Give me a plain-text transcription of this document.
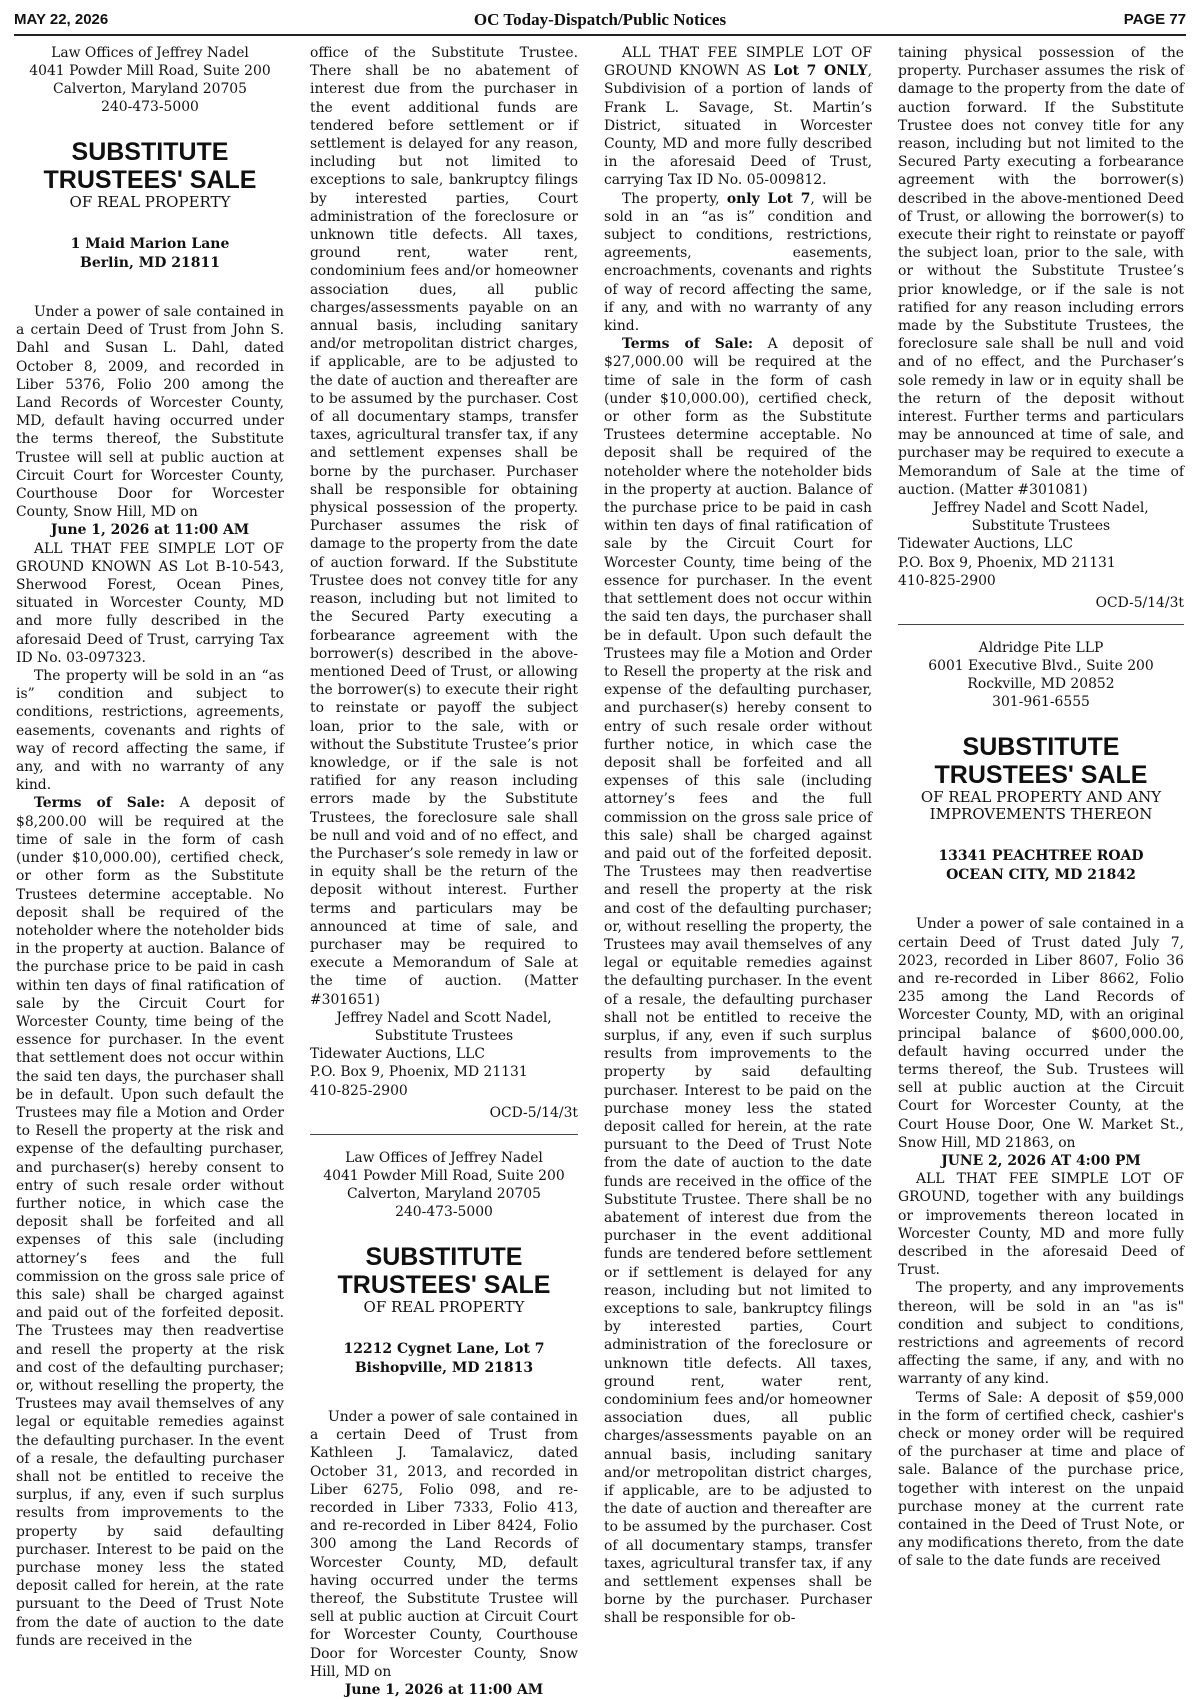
MAY 22, 2026	OC Today-Dispatch/Public Notices	PAGE 77
Law Offices of Jeffrey Nadel
4041 Powder Mill Road, Suite 200
Calverton, Maryland 20705
240-473-5000
SUBSTITUTE TRUSTEES' SALE
OF REAL PROPERTY
1 Maid Marion Lane
Berlin, MD 21811

Under a power of sale contained in a certain Deed of Trust from John S. Dahl and Susan L. Dahl, dated October 8, 2009, and recorded in Liber 5376, Folio 200 among the Land Records of Worcester County, MD, default having occurred under the terms thereof, the Substitute Trustee will sell at public auction at Circuit Court for Worcester County, Courthouse Door for Worcester County, Snow Hill, MD on

June 1, 2026 at 11:00 AM

ALL THAT FEE SIMPLE LOT OF GROUND KNOWN AS Lot B-10-543, Sherwood Forest, Ocean Pines, situated in Worcester County, MD and more fully described in the aforesaid Deed of Trust, carrying Tax ID No. 03-097323.

The property will be sold in an “as is” condition and subject to conditions, restrictions, agreements, easements, covenants and rights of way of record affecting the same, if any, and with no warranty of any kind.

Terms of Sale: A deposit of $8,200.00 will be required at the time of sale in the form of cash (under $10,000.00), certified check, or other form as the Substitute Trustees determine acceptable. No deposit shall be required of the noteholder where the noteholder bids in the property at auction. Balance of the purchase price to be paid in cash within ten days of final ratification of sale by the Circuit Court for Worcester County, time being of the essence for purchaser. In the event that settlement does not occur within the said ten days, the purchaser shall be in default. Upon such default the Trustees may file a Motion and Order to Resell the property at the risk and expense of the defaulting purchaser, and purchaser(s) hereby consent to entry of such resale order without further notice, in which case the deposit shall be forfeited and all expenses of this sale (including attorney’s fees and the full commission on the gross sale price of this sale) shall be charged against and paid out of the forfeited deposit. The Trustees may then readvertise and resell the property at the risk and cost of the defaulting purchaser; or, without reselling the property, the Trustees may avail themselves of any legal or equitable remedies against the defaulting purchaser. In the event of a resale, the defaulting purchaser shall not be entitled to receive the surplus, if any, even if such surplus results from improvements to the property by said defaulting purchaser. Interest to be paid on the purchase money less the stated deposit called for herein, at the rate pursuant to the Deed of Trust Note from the date of auction to the date funds are received in the

office of the Substitute Trustee. There shall be no abatement of interest due from the purchaser in the event additional funds are tendered before settlement or if settlement is delayed for any reason, including but not limited to exceptions to sale, bankruptcy filings by interested parties, Court administration of the foreclosure or unknown title defects. All taxes, ground rent, water rent, condominium fees and/or homeowner association dues, all public charges/assessments payable on an annual basis, including sanitary and/or metropolitan district charges, if applicable, are to be adjusted to the date of auction and thereafter are to be assumed by the purchaser. Cost of all documentary stamps, transfer taxes, agricultural transfer tax, if any and settlement expenses shall be borne by the purchaser. Purchaser shall be responsible for obtaining physical possession of the property. Purchaser assumes the risk of damage to the property from the date of auction forward. If the Substitute Trustee does not convey title for any reason, including but not limited to the Secured Party executing a forbearance agreement with the borrower(s) described in the above-mentioned Deed of Trust, or allowing the borrower(s) to execute their right to reinstate or payoff the subject loan, prior to the sale, with or without the Substitute Trustee’s prior knowledge, or if the sale is not ratified for any reason including errors made by the Substitute Trustees, the foreclosure sale shall be null and void and of no effect, and the Purchaser’s sole remedy in law or in equity shall be the return of the deposit without interest. Further terms and particulars may be announced at time of sale, and purchaser may be required to execute a Memorandum of Sale at the time of auction. (Matter #301651)

Jeffrey Nadel and Scott Nadel,

Substitute Trustees

Tidewater Auctions, LLC

P.O. Box 9, Phoenix, MD 21131

410-825-2900

OCD-5/14/3t
Law Offices of Jeffrey Nadel
4041 Powder Mill Road, Suite 200
Calverton, Maryland 20705
240-473-5000
SUBSTITUTE TRUSTEES' SALE
OF REAL PROPERTY
12212 Cygnet Lane, Lot 7
Bishopville, MD 21813

Under a power of sale contained in a certain Deed of Trust from Kathleen J. Tamalavicz, dated October 31, 2013, and recorded in Liber 6275, Folio 098, and re-recorded in Liber 7333, Folio 413, and re-recorded in Liber 8424, Folio 300 among the Land Records of Worcester County, MD, default having occurred under the terms thereof, the Substitute Trustee will sell at public auction at Circuit Court for Worcester County, Courthouse Door for Worcester County, Snow Hill, MD on

June 1, 2026 at 11:00 AM

ALL THAT FEE SIMPLE LOT OF GROUND KNOWN AS Lot 7 ONLY, Subdivision of a portion of lands of Frank L. Savage, St. Martin’s District, situated in Worcester County, MD and more fully described in the aforesaid Deed of Trust, carrying Tax ID No. 05-009812.

The property, only Lot 7, will be sold in an “as is” condition and subject to conditions, restrictions, agreements, easements, encroachments, covenants and rights of way of record affecting the same, if any, and with no warranty of any kind.

Terms of Sale: A deposit of $27,000.00 will be required at the time of sale in the form of cash (under $10,000.00), certified check, or other form as the Substitute Trustees determine acceptable. No deposit shall be required of the noteholder where the noteholder bids in the property at auction. Balance of the purchase price to be paid in cash within ten days of final ratification of sale by the Circuit Court for Worcester County, time being of the essence for purchaser. In the event that settlement does not occur within the said ten days, the purchaser shall be in default. Upon such default the Trustees may file a Motion and Order to Resell the property at the risk and expense of the defaulting purchaser, and purchaser(s) hereby consent to entry of such resale order without further notice, in which case the deposit shall be forfeited and all expenses of this sale (including attorney’s fees and the full commission on the gross sale price of this sale) shall be charged against and paid out of the forfeited deposit. The Trustees may then readvertise and resell the property at the risk and cost of the defaulting purchaser; or, without reselling the property, the Trustees may avail themselves of any legal or equitable remedies against the defaulting purchaser. In the event of a resale, the defaulting purchaser shall not be entitled to receive the surplus, if any, even if such surplus results from improvements to the property by said defaulting purchaser. Interest to be paid on the purchase money less the stated deposit called for herein, at the rate pursuant to the Deed of Trust Note from the date of auction to the date funds are received in the office of the Substitute Trustee. There shall be no abatement of interest due from the purchaser in the event additional funds are tendered before settlement or if settlement is delayed for any reason, including but not limited to exceptions to sale, bankruptcy filings by interested parties, Court administration of the foreclosure or unknown title defects. All taxes, ground rent, water rent, condominium fees and/or homeowner association dues, all public charges/assessments payable on an annual basis, including sanitary and/or metropolitan district charges, if applicable, are to be adjusted to the date of auction and thereafter are to be assumed by the purchaser. Cost of all documentary stamps, transfer taxes, agricultural transfer tax, if any and settlement expenses shall be borne by the purchaser. Purchaser shall be responsible for ob-

taining physical possession of the property. Purchaser assumes the risk of damage to the property from the date of auction forward. If the Substitute Trustee does not convey title for any reason, including but not limited to the Secured Party executing a forbearance agreement with the borrower(s) described in the above-mentioned Deed of Trust, or allowing the borrower(s) to execute their right to reinstate or payoff the subject loan, prior to the sale, with or without the Substitute Trustee’s prior knowledge, or if the sale is not ratified for any reason including errors made by the Substitute Trustees, the foreclosure sale shall be null and void and of no effect, and the Purchaser’s sole remedy in law or in equity shall be the return of the deposit without interest. Further terms and particulars may be announced at time of sale, and purchaser may be required to execute a Memorandum of Sale at the time of auction. (Matter #301081)

Jeffrey Nadel and Scott Nadel,

Substitute Trustees

Tidewater Auctions, LLC

P.O. Box 9, Phoenix, MD 21131

410-825-2900

OCD-5/14/3t
Aldridge Pite LLP
6001 Executive Blvd., Suite 200
Rockville, MD 20852
301-961-6555
SUBSTITUTE TRUSTEES' SALE
OF REAL PROPERTY AND ANY IMPROVEMENTS THEREON
13341 PEACHTREE ROAD
OCEAN CITY, MD 21842

Under a power of sale contained in a certain Deed of Trust dated July 7, 2023, recorded in Liber 8607, Folio 36 and re-recorded in Liber 8662, Folio 235 among the Land Records of Worcester County, MD, with an original principal balance of $600,000.00, default having occurred under the terms thereof, the Sub. Trustees will sell at public auction at the Circuit Court for Worcester County, at the Court House Door, One W. Market St., Snow Hill, MD 21863, on

JUNE 2, 2026 AT 4:00 PM

ALL THAT FEE SIMPLE LOT OF GROUND, together with any buildings or improvements thereon located in Worcester County, MD and more fully described in the aforesaid Deed of Trust.

The property, and any improvements thereon, will be sold in an "as is" condition and subject to conditions, restrictions and agreements of record affecting the same, if any, and with no warranty of any kind.

Terms of Sale: A deposit of $59,000 in the form of certified check, cashier's check or money order will be required of the purchaser at time and place of sale. Balance of the purchase price, together with interest on the unpaid purchase money at the current rate contained in the Deed of Trust Note, or any modifications thereto, from the date of sale to the date funds are received
